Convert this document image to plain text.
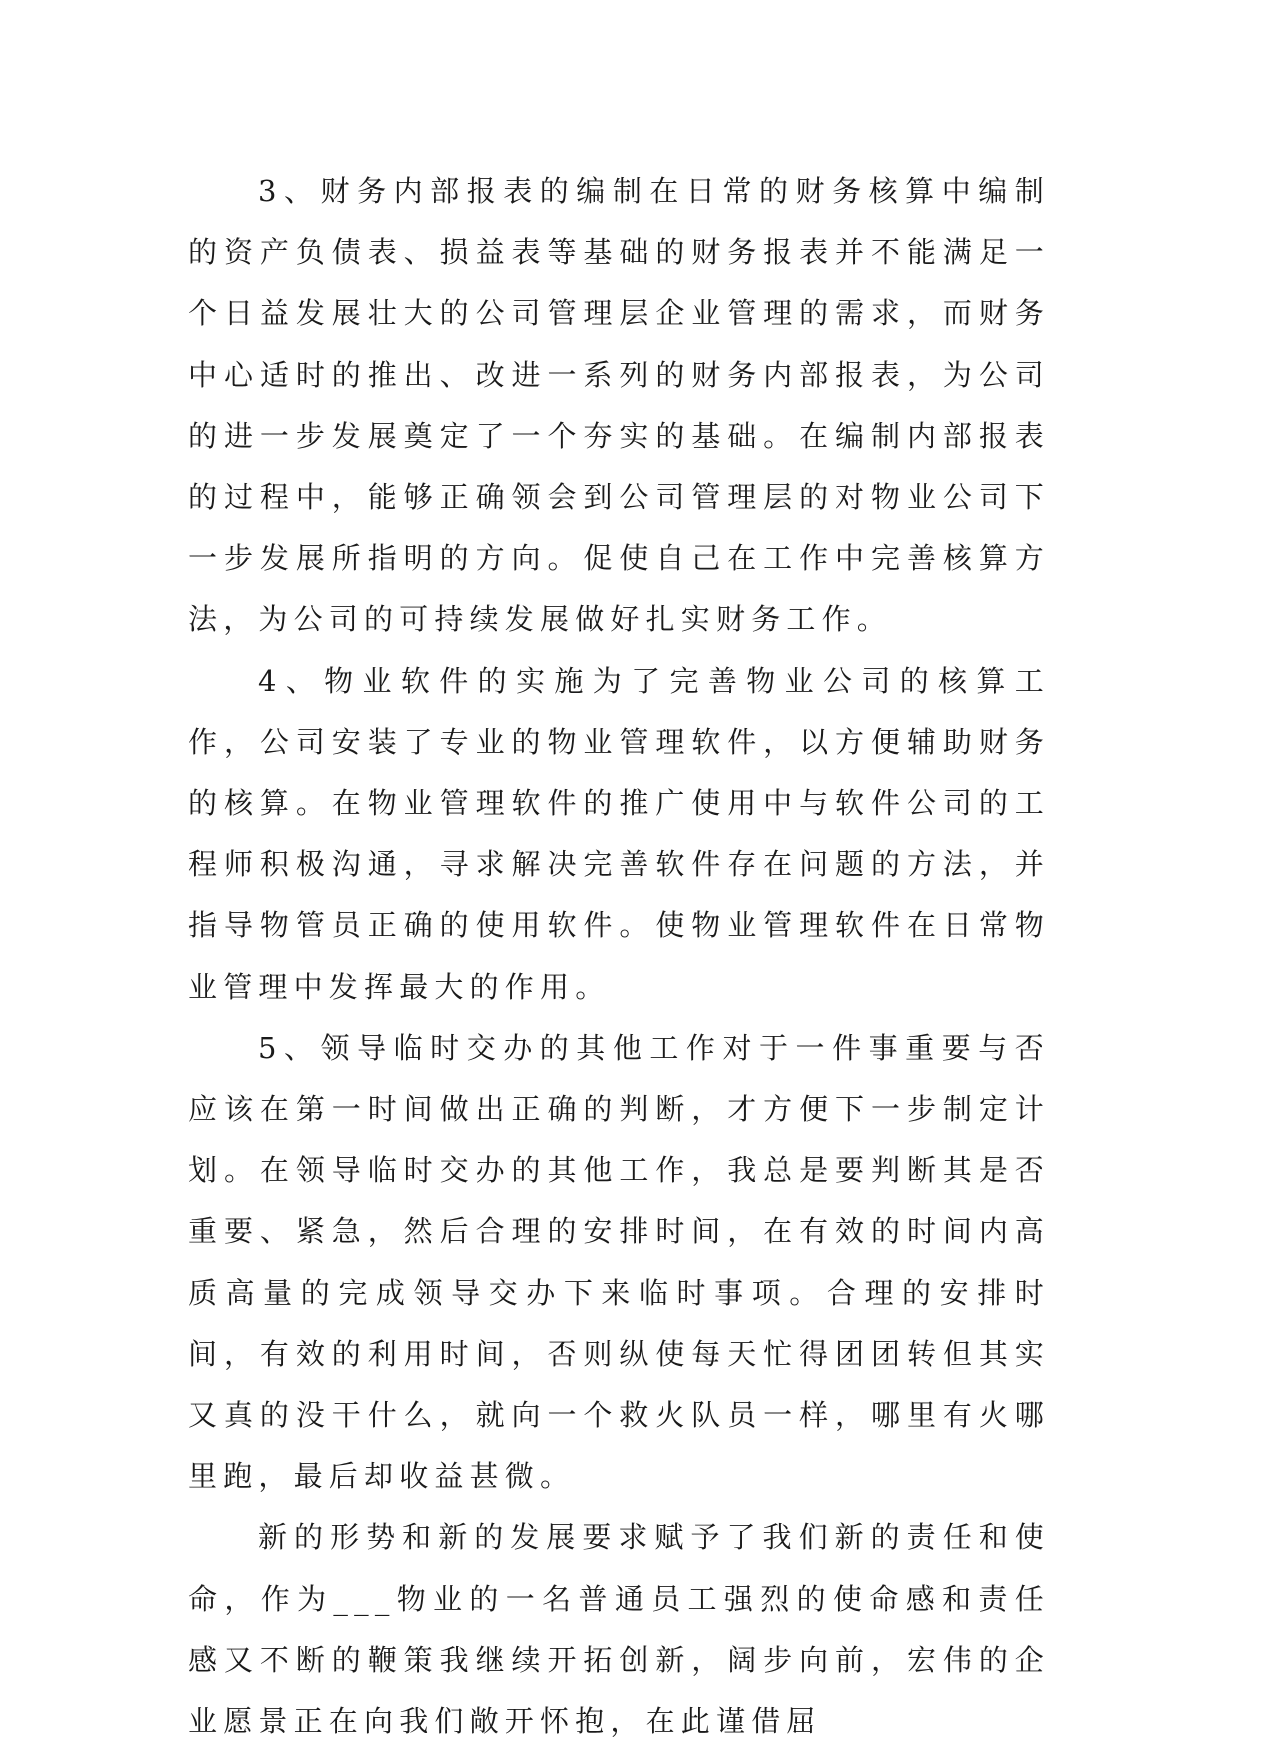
3、财务内部报表的编制在日常的财务核算中编制的资产负债表、损益表等基础的财务报表并不能满足一个日益发展壮大的公司管理层企业管理的需求，而财务中心适时的推出、改进一系列的财务内部报表，为公司的进一步发展奠定了一个夯实的基础。在编制内部报表的过程中，能够正确领会到公司管理层的对物业公司下一步发展所指明的方向。促使自己在工作中完善核算方法，为公司的可持续发展做好扎实财务工作。

4、物业软件的实施为了完善物业公司的核算工作，公司安装了专业的物业管理软件，以方便辅助财务的核算。在物业管理软件的推广使用中与软件公司的工程师积极沟通，寻求解决完善软件存在问题的方法，并指导物管员正确的使用软件。使物业管理软件在日常物业管理中发挥最大的作用。

5、领导临时交办的其他工作对于一件事重要与否应该在第一时间做出正确的判断，才方便下一步制定计划。在领导临时交办的其他工作，我总是要判断其是否重要、紧急，然后合理的安排时间，在有效的时间内高质高量的完成领导交办下来临时事项。合理的安排时间，有效的利用时间，否则纵使每天忙得团团转但其实又真的没干什么，就向一个救火队员一样，哪里有火哪里跑，最后却收益甚微。

新的形势和新的发展要求赋予了我们新的责任和使命，作为___物业的一名普通员工强烈的使命感和责任感又不断的鞭策我继续开拓创新，阔步向前，宏伟的企业愿景正在向我们敞开怀抱，在此谨借屈
